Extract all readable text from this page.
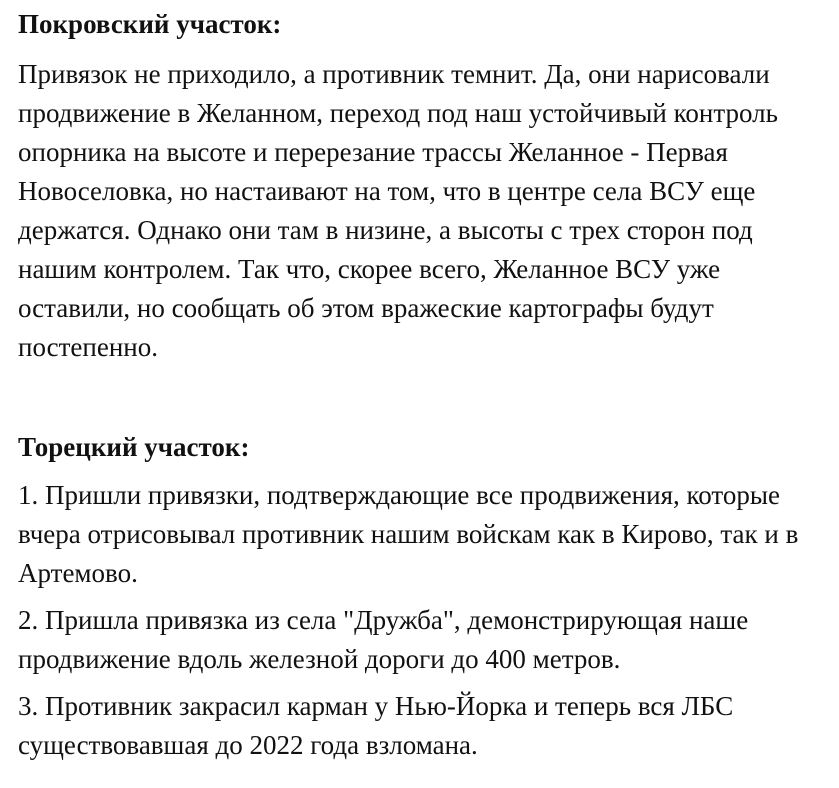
Покровский участок:

Привязок не приходило, а противник темнит. Да, они нарисовали продвижение в Желанном, переход под наш устойчивый контроль опорника на высоте и перерезание трассы Желанное - Первая Новоселовка, но настаивают на том, что в центре села ВСУ еще держатся. Однако они там в низине, а высоты с трех сторон под нашим контролем. Так что, скорее всего, Желанное ВСУ уже оставили, но сообщать об этом вражеские картографы будут постепенно.

Торецкий участок:

1. Пришли привязки, подтверждающие все продвижения, которые вчера отрисовывал противник нашим войскам как в Кирово, так и в Артемово.

2. Пришла привязка из села "Дружба", демонстрирующая наше продвижение вдоль железной дороги до 400 метров.

3. Противник закрасил карман у Нью-Йорка и теперь вся ЛБС существовавшая до 2022 года взломана.
